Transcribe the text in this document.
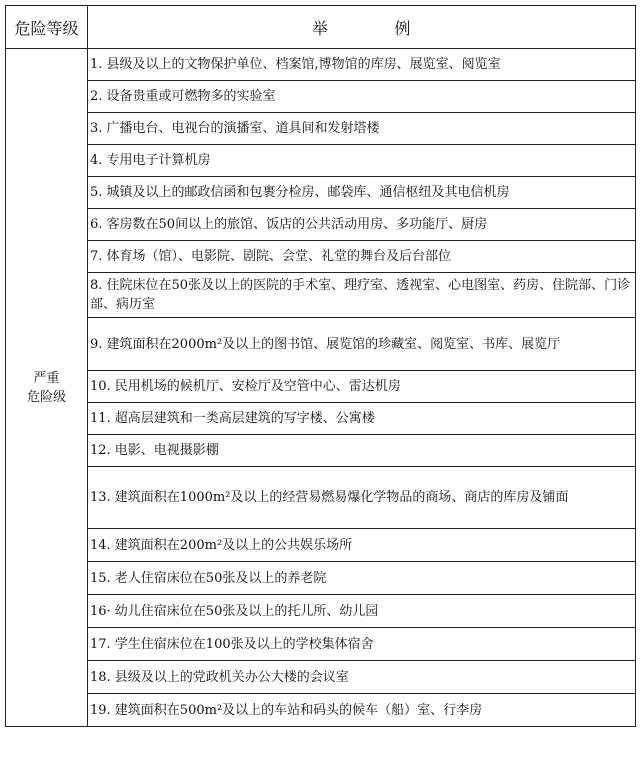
危险等级	举　　　　例
严重
危险级	1. 县级及以上的文物保护单位、档案馆,博物馆的库房、展览室、阅览室
	2. 设备贵重或可燃物多的实验室
	3. 广播电台、电视台的演播室、道具间和发射塔楼
	4. 专用电子计算机房
	5. 城镇及以上的邮政信函和包裹分检房、邮袋库、通信枢纽及其电信机房
	6. 客房数在50间以上的旅馆、饭店的公共活动用房、多功能厅、厨房
	7. 体育场（馆）、电影院、剧院、会堂、礼堂的舞台及后台部位
	8. 住院床位在50张及以上的医院的手术室、理疗室、透视室、心电图室、药房、住院部、门诊部、病历室
	9. 建筑面积在2000m²及以上的图书馆、展览馆的珍藏室、阅览室、书库、展览厅
	10. 民用机场的候机厅、安检厅及空管中心、雷达机房
	11. 超高层建筑和一类高层建筑的写字楼、公寓楼
	12. 电影、电视摄影棚
	13. 建筑面积在1000m²及以上的经营易燃易爆化学物品的商场、商店的库房及铺面
	14. 建筑面积在200m²及以上的公共娱乐场所
	15. 老人住宿床位在50张及以上的养老院
	16· 幼儿住宿床位在50张及以上的托儿所、幼儿园
	17. 学生住宿床位在100张及以上的学校集体宿舍
	18. 县级及以上的党政机关办公大楼的会议室
	19. 建筑面积在500m²及以上的车站和码头的候车（船）室、行李房
